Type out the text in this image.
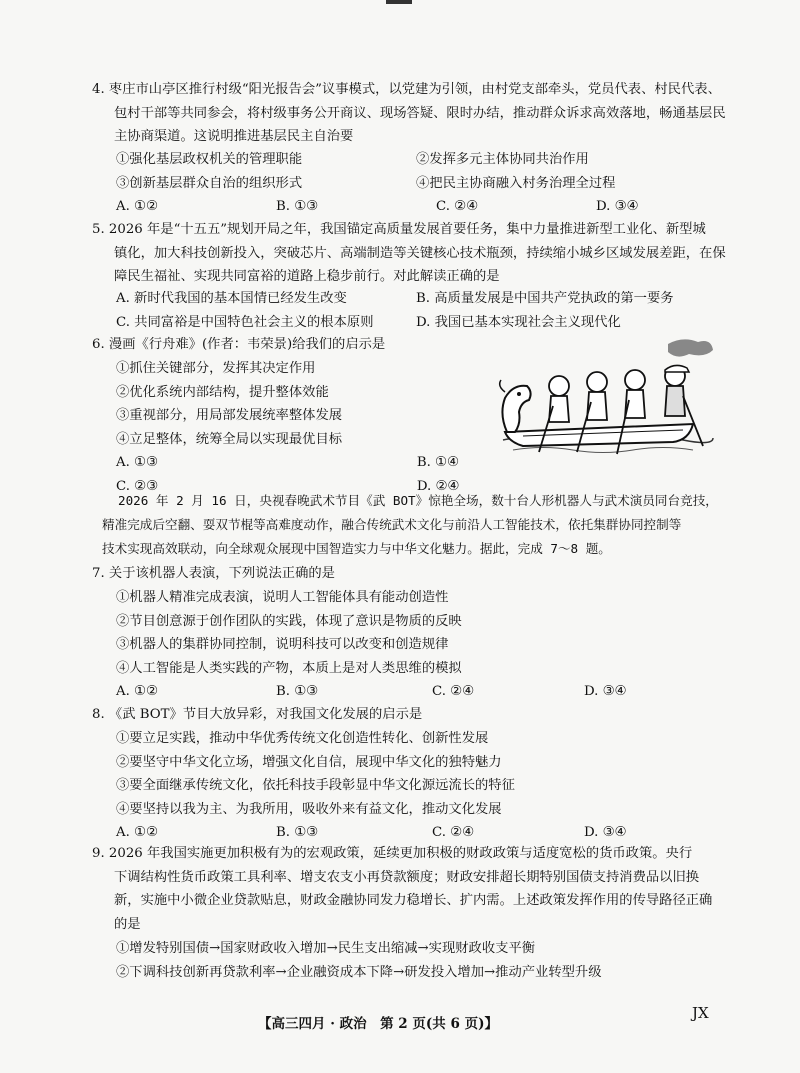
4. 枣庄市山亭区推行村级“阳光报告会”议事模式，以党建为引领，由村党支部牵头，党员代表、村民代表、
包村干部等共同参会，将村级事务公开商议、现场答疑、限时办结，推动群众诉求高效落地，畅通基层民
主协商渠道。这说明推进基层民主自治要
①强化基层政权机关的管理职能	②发挥多元主体协同共治作用
③创新基层群众自治的组织形式	④把民主协商融入村务治理全过程
A. ①②	B. ①③	C. ②④	D. ③④
5. 2026 年是“十五五”规划开局之年，我国锚定高质量发展首要任务，集中力量推进新型工业化、新型城
镇化，加大科技创新投入，突破芯片、高端制造等关键核心技术瓶颈，持续缩小城乡区域发展差距，在保
障民生福祉、实现共同富裕的道路上稳步前行。对此解读正确的是
A. 新时代我国的基本国情已经发生改变	B. 高质量发展是中国共产党执政的第一要务
C. 共同富裕是中国特色社会主义的根本原则	D. 我国已基本实现社会主义现代化
6. 漫画《行舟难》(作者：韦荣景)给我们的启示是
①抓住关键部分，发挥其决定作用
②优化系统内部结构，提升整体效能
③重视部分，用局部发展统率整体发展
④立足整体，统筹全局以实现最优目标
A. ①③	B. ①④
C. ②③	D. ②④
2026 年 2 月 16 日，央视春晚武术节目《武 BOT》惊艳全场，数十台人形机器人与武术演员同台竞技，
精准完成后空翻、耍双节棍等高难度动作，融合传统武术文化与前沿人工智能技术，依托集群协同控制等
技术实现高效联动，向全球观众展现中国智造实力与中华文化魅力。据此，完成 7～8 题。
7. 关于该机器人表演，下列说法正确的是
①机器人精准完成表演，说明人工智能体具有能动创造性
②节目创意源于创作团队的实践，体现了意识是物质的反映
③机器人的集群协同控制，说明科技可以改变和创造规律
④人工智能是人类实践的产物，本质上是对人类思维的模拟
A. ①②	B. ①③	C. ②④	D. ③④
8. 《武 BOT》节目大放异彩，对我国文化发展的启示是
①要立足实践，推动中华优秀传统文化创造性转化、创新性发展
②要坚守中华文化立场，增强文化自信，展现中华文化的独特魅力
③要全面继承传统文化，依托科技手段彰显中华文化源远流长的特征
④要坚持以我为主、为我所用，吸收外来有益文化，推动文化发展
A. ①②	B. ①③	C. ②④	D. ③④
9. 2026 年我国实施更加积极有为的宏观政策，延续更加积极的财政政策与适度宽松的货币政策。央行
下调结构性货币政策工具利率、增支农支小再贷款额度；财政安排超长期特别国债支持消费品以旧换
新，实施中小微企业贷款贴息，财政金融协同发力稳增长、扩内需。上述政策发挥作用的传导路径正确
的是
①增发特别国债→国家财政收入增加→民生支出缩减→实现财政收支平衡
②下调科技创新再贷款利率→企业融资成本下降→研发投入增加→推动产业转型升级
【高三四月 · 政治　第 2 页(共 6 页)】
JX
